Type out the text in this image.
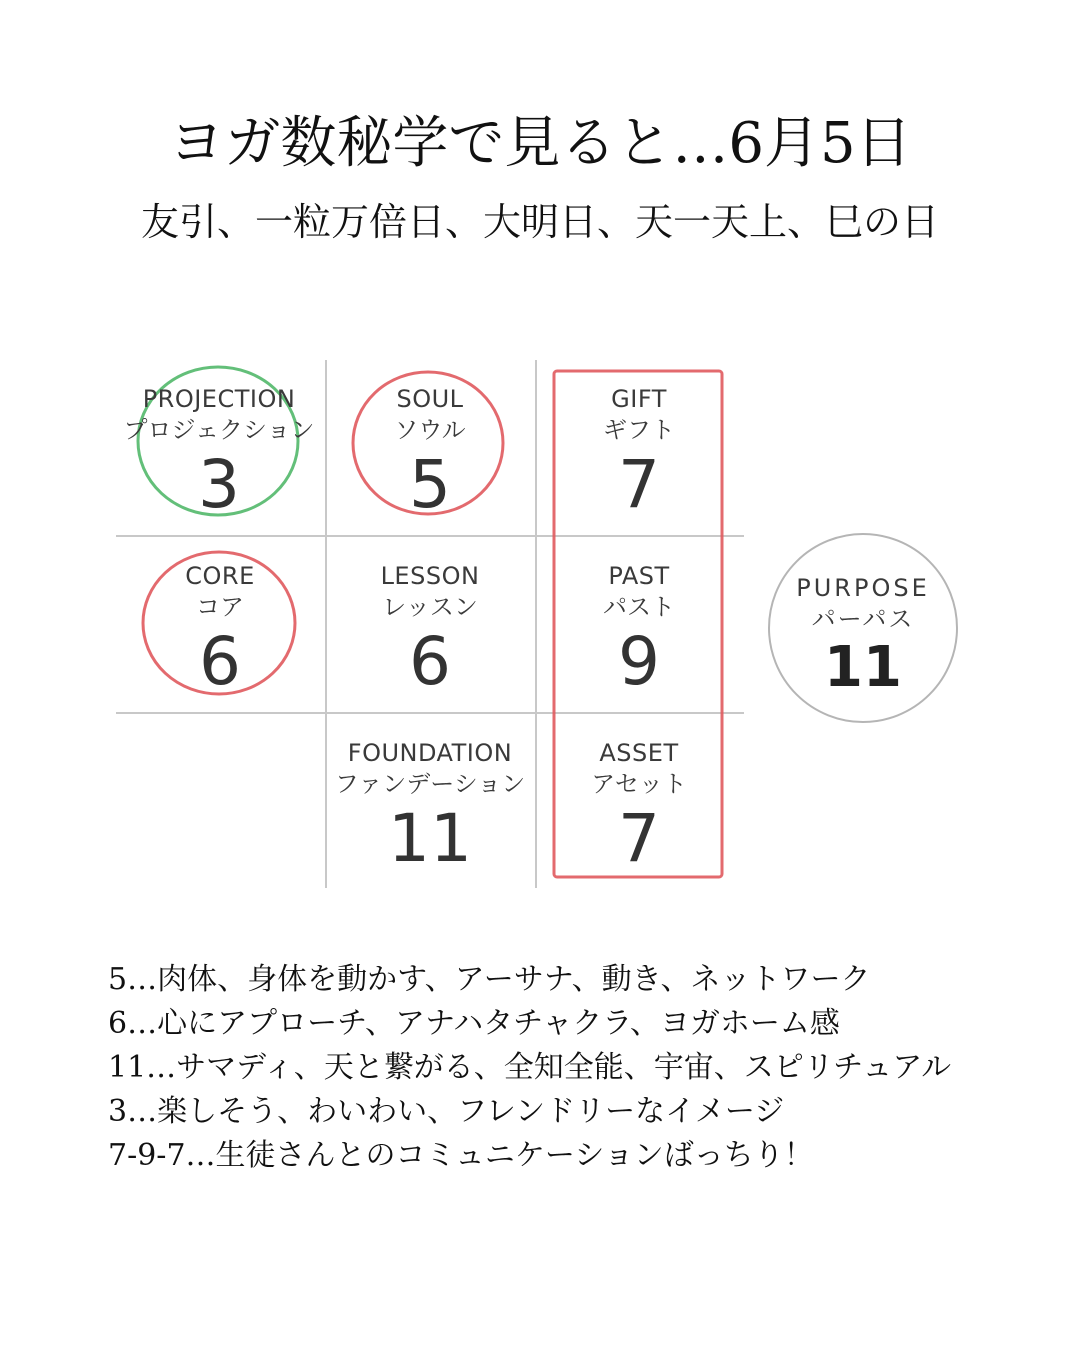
ヨガ数秘学で見ると…6月5日
友引、一粒万倍日、大明日、天一天上、巳の日
PROJECTION
プロジェクション
3
SOUL
ソウル
5
GIFT
ギフト
7
CORE
コア
6
LESSON
レッスン
6
PAST
パスト
9
FOUNDATION
ファンデーション
11
ASSET
アセット
7
PURPOSE
パーパス
11
5…肉体、身体を動かす、アーサナ、動き、ネットワーク
6…心にアプローチ、アナハタチャクラ、ヨガホーム感
11…サマディ、天と繋がる、全知全能、宇宙、スピリチュアル
3…楽しそう、わいわい、フレンドリーなイメージ
7-9-7…生徒さんとのコミュニケーションばっちり！
